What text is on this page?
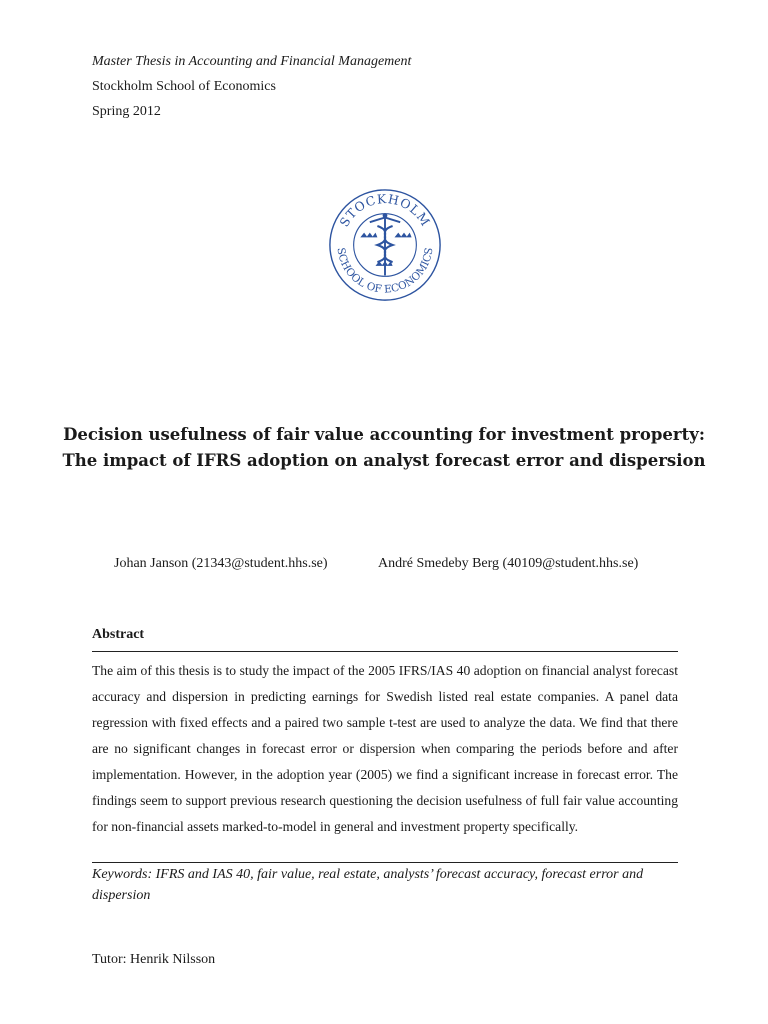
Master Thesis in Accounting and Financial Management
Stockholm School of Economics
Spring 2012
STOCKHOLM
SCHOOL OF ECONOMICS
Decision usefulness of fair value accounting for investment property:
The impact of IFRS adoption on analyst forecast error and dispersion
Johan Janson (21343@student.hhs.se)	André Smedeby Berg (40109@student.hhs.se)
Abstract

The aim of this thesis is to study the impact of the 2005 IFRS/IAS 40 adoption on financial analyst forecast accuracy and dispersion in predicting earnings for Swedish listed real estate companies. A panel data regression with fixed effects and a paired two sample t-test are used to analyze the data. We find that there are no significant changes in forecast error or dispersion when comparing the periods before and after implementation. However, in the adoption year (2005) we find a significant increase in forecast error. The findings seem to support previous research questioning the decision usefulness of full fair value accounting for non-financial assets marked-to-model in general and investment property specifically.

Keywords: IFRS and IAS 40, fair value, real estate, analysts’ forecast accuracy, forecast error and dispersion

Tutor: Henrik Nilsson
